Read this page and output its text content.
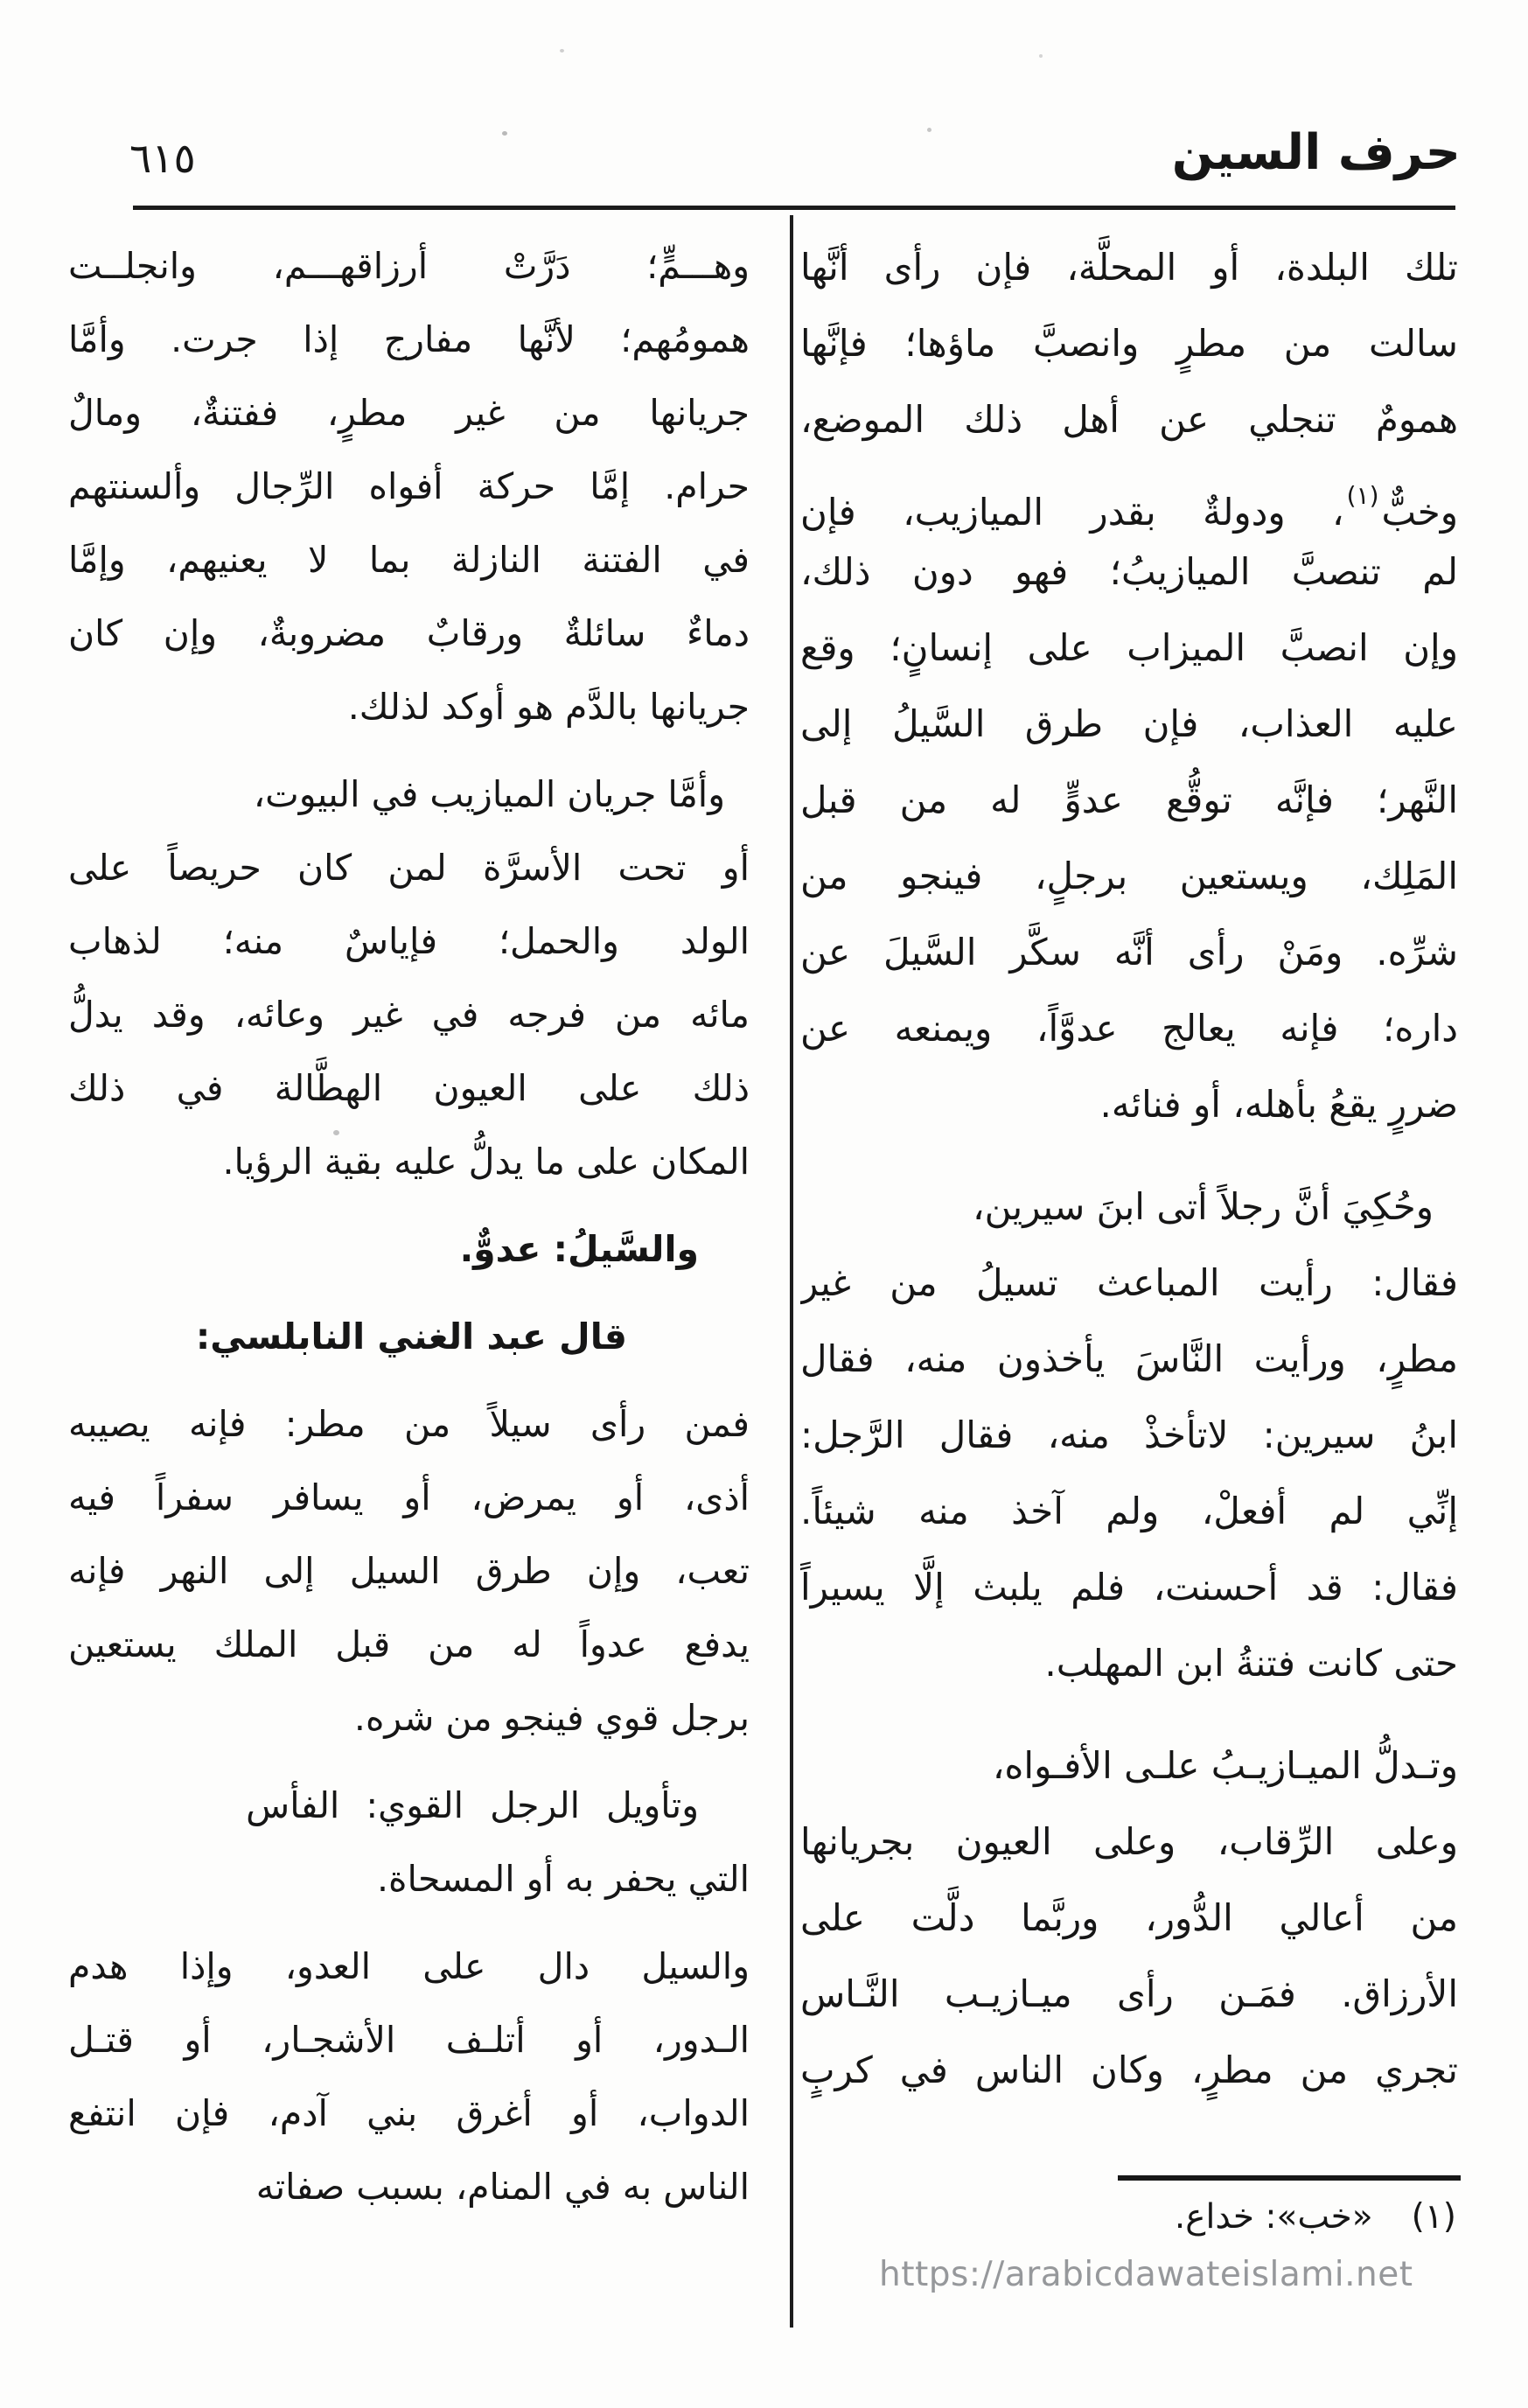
حرف السين
٦١٥
تلك البلدة، أو المحلَّة، فإن رأى أنَّها
سالت من مطرٍ وانصبَّ ماؤها؛ فإنَّها
همومٌ تنجلي عن أهل ذلك الموضع،
وخبٌّ$^{(١)}$، ودولةٌ بقدر الميازيب، فإن
لم تنصبَّ الميازيبُ؛ فهو دون ذلك،
وإن انصبَّ الميزاب على إنسانٍ؛ وقع
عليه العذاب، فإن طرق السَّيلُ إلى
النَّهر؛ فإنَّه توقُّع عدوٍّ له من قبل
المَلِك، ويستعين برجلٍ، فينجو من
شرِّه. ومَنْ رأى أنَّه سكَّر السَّيلَ عن
داره؛ فإنه يعالج عدوَّاً، ويمنعه عن
ضررٍ يقعُ بأهله، أو فنائه.
وحُكِيَ أنَّ رجلاً أتى ابنَ سيرين،
فقال: رأيت المباعث تسيلُ من غير
مطرٍ، ورأيت النَّاسَ يأخذون منه، فقال
ابنُ سيرين: لاتأخذْ منه، فقال الرَّجل:
إنِّي لم أفعلْ، ولم آخذ منه شيئاً.
فقال: قد أحسنت، فلم يلبث إلَّا يسيراً
حتى كانت فتنةُ ابن المهلب.
وتـدلُّ الميـازيـبُ علـى الأفـواه،
وعلى الرِّقاب، وعلى العيون بجريانها
من أعالي الدُّور، وربَّما دلَّت على
الأرزاق. فمَـن رأى ميـازيـب النَّـاس
تجري من مطرٍ، وكان الناس في كربٍ
وهـــمٍّ؛ دَرَّتْ أرزاقهـــم، وانجلــت
همومُهم؛ لأنَّها مفارج إذا جرت. وأمَّا
جريانها من غير مطرٍ، ففتنةٌ، ومالٌ
حرام. إمَّا حركة أفواه الرِّجال وألسنتهم
في الفتنة النازلة بما لا يعنيهم، وإمَّا
دماءٌ سائلةٌ ورقابٌ مضروبةٌ، وإن كان
جريانها بالدَّم هو أوكد لذلك.
وأمَّا جريان الميازيب في البيوت،
أو تحت الأسرَّة لمن كان حريصاً على
الولد والحمل؛ فإياسٌ منه؛ لذهاب
مائه من فرجه في غير وعائه، وقد يدلُّ
ذلك على العيون الهطَّالة في ذلك
المكان على ما يدلُّ عليه بقية الرؤيا.
والسَّيلُ: عدوٌّ.
قال عبد الغني النابلسي:
فمن رأى سيلاً من مطر: فإنه يصيبه
أذى، أو يمرض، أو يسافر سفراً فيه
تعب، وإن طرق السيل إلى النهر فإنه
يدفع عدواً له من قبل الملك يستعين
برجل قوي فينجو من شره.
وتأويل الرجل القوي: الفأس
التي يحفر به أو المسحاة.
والسيل دال على العدو، وإذا هدم
الـدور، أو أتلـف الأشجـار، أو قتـل
الدواب، أو أغرق بني آدم، فإن انتفع
الناس به في المنام، بسبب صفاته
(١)«خب»: خداع.
https://arabicdawateislami.net
